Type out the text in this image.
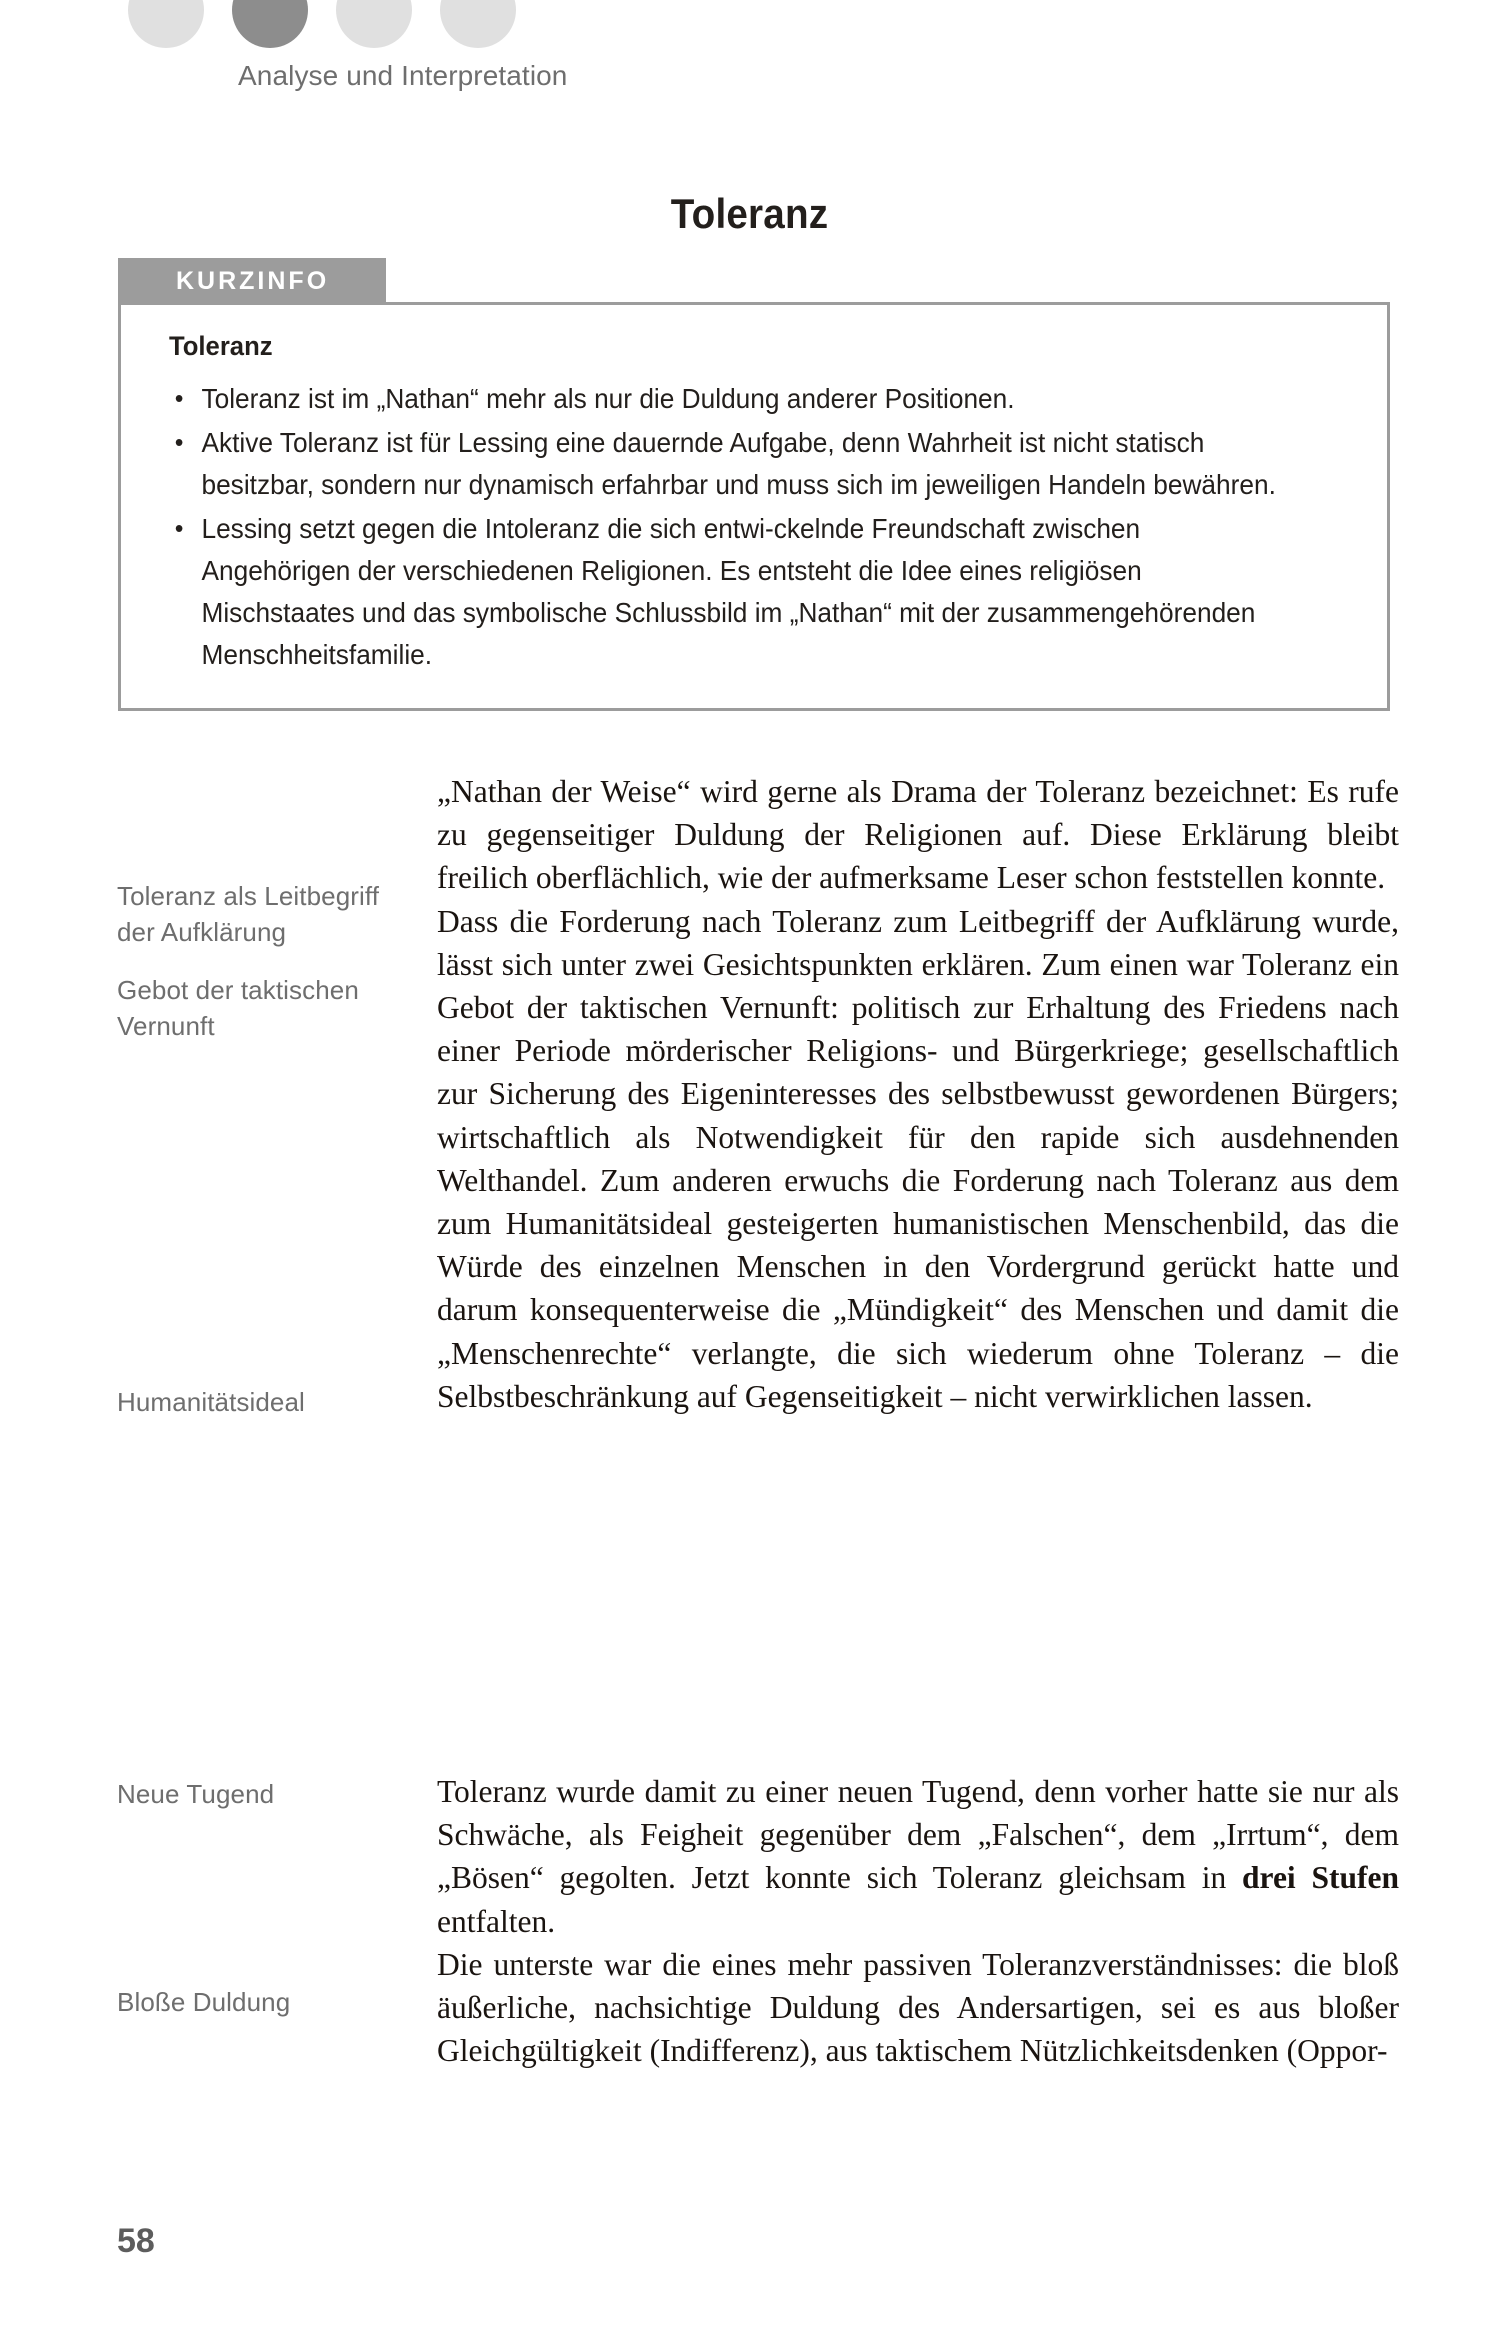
Analyse und Interpretation
Toleranz
Toleranz
• Toleranz ist im „Nathan“ mehr als nur die Duldung anderer Positionen.
• Aktive Toleranz ist für Lessing eine dauernde Aufgabe, denn Wahrheit ist nicht statisch besitzbar, sondern nur dynamisch erfahrbar und muss sich im jeweiligen Handeln bewähren.
• Lessing setzt gegen die Intoleranz die sich entwi-ckelnde Freundschaft zwischen Angehörigen der verschiedenen Religionen. Es entsteht die Idee eines religiösen Mischstaates und das symbolische Schlussbild im „Nathan“ mit der zusammengehörenden Menschheitsfamilie.
KURZINFO
Toleranz als Leitbegriff der Aufklärung
Gebot der taktischen Vernunft
Humanitätsideal
Neue Tugend
Bloße Duldung

„Nathan der Weise“ wird gerne als Drama der Toleranz bezeichnet: Es rufe zu gegenseitiger Duldung der Religionen auf. Diese Erklärung bleibt freilich oberflächlich, wie der aufmerksame Leser schon feststellen konnte.

Dass die Forderung nach Toleranz zum Leitbegriff der Aufklärung wurde, lässt sich unter zwei Gesichtspunkten erklären. Zum einen war Toleranz ein Gebot der taktischen Vernunft: politisch zur Erhaltung des Friedens nach einer Periode mörderischer Religions- und Bürgerkriege; gesellschaftlich zur Sicherung des Eigeninteresses des selbstbewusst gewordenen Bürgers; wirtschaftlich als Notwendigkeit für den rapide sich ausdehnenden Welthandel. Zum anderen erwuchs die Forderung nach Toleranz aus dem zum Humanitätsideal gesteigerten humanistischen Menschenbild, das die Würde des einzelnen Menschen in den Vordergrund gerückt hatte und darum konsequenterweise die „Mündigkeit“ des Menschen und damit die „Menschenrechte“ verlangte, die sich wiederum ohne Toleranz – die Selbstbeschränkung auf Gegenseitigkeit – nicht verwirklichen lassen.

Toleranz wurde damit zu einer neuen Tugend, denn vorher hatte sie nur als Schwäche, als Feigheit gegenüber dem „Falschen“, dem „Irrtum“, dem „Bösen“ gegolten. Jetzt konnte sich Toleranz gleichsam in drei Stufen entfalten.

Die unterste war die eines mehr passiven Toleranzverständnisses: die bloß äußerliche, nachsichtige Duldung des Andersartigen, sei es aus bloßer Gleichgültigkeit (Indifferenz), aus taktischem Nützlichkeitsdenken (Oppor-

58
